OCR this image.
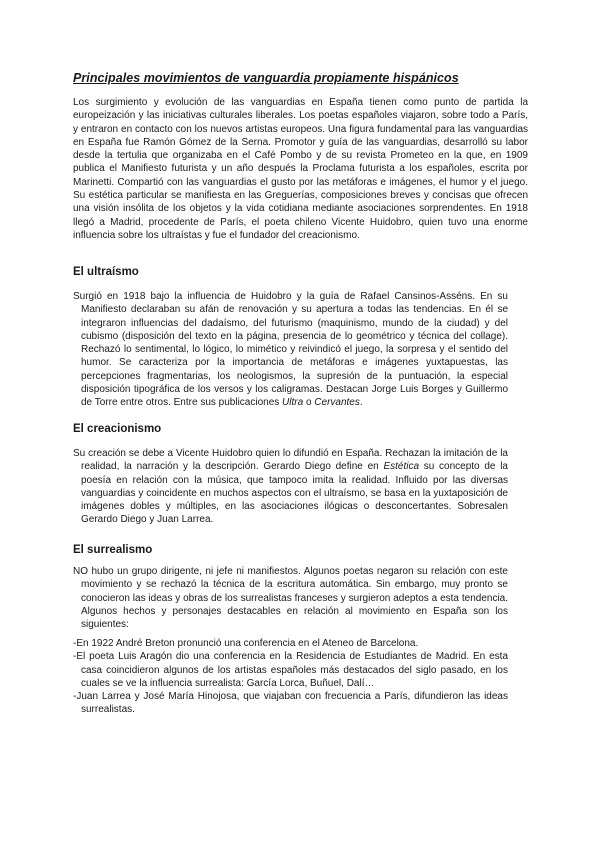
Principales movimientos de vanguardia propiamente hispánicos

Los surgimiento y evolución de las vanguardias en España tienen como punto de partida la europeización y las iniciativas culturales liberales. Los poetas españoles viajaron, sobre todo a París, y entraron en contacto con los nuevos artistas europeos. Una figura fundamental para las vanguardias en España fue Ramón Gómez de la Serna. Promotor y guía de las vanguardias, desarrolló su labor desde la tertulia que organizaba en el Café Pombo y de su revista Prometeo en la que, en 1909 publica el Manifiesto futurista y un año después la Proclama futurista a los españoles, escrita por Marinetti. Compartió con las vanguardias el gusto por las metáforas e imágenes, el humor y el juego. Su estética particular se manifiesta en las Greguerías, composiciones breves y concisas que ofrecen una visión insólita de los objetos y la vida cotidiana mediante asociaciones sorprendentes. En 1918 llegó a Madrid, procedente de París, el poeta chileno Vicente Huidobro, quien tuvo una enorme influencia sobre los ultraístas y fue el fundador del creacionismo.

El ultraísmo

Surgió en 1918 bajo la influencia de Huidobro y la guía de Rafael Cansinos-Asséns. En su Manifiesto declaraban su afán de renovación y su apertura a todas las tendencias. En él se integraron influencias del dadaísmo, del futurismo (maquinismo, mundo de la ciudad) y del cubismo (disposición del texto en la página, presencia de lo geométrico y técnica del collage). Rechazó lo sentimental, lo lógico, lo mimético y reivindicó el juego, la sorpresa y el sentido del humor. Se caracteriza por la importancia de metáforas e imágenes yuxtapuestas, las percepciones fragmentarias, los neologismos, la supresión de la puntuación, la especial disposición tipográfica de los versos y los caligramas. Destacan Jorge Luis Borges y Guillermo de Torre entre otros. Entre sus publicaciones Ultra o Cervantes.

El creacionismo

Su creación se debe a Vicente Huidobro quien lo difundió en España. Rechazan la imitación de la realidad, la narración y la descripción. Gerardo Diego define en Estética su concepto de la poesía en relación con la música, que tampoco imita la realidad. Influido por las diversas vanguardias y coincidente en muchos aspectos con el ultraísmo, se basa en la yuxtaposición de imágenes dobles y múltiples, en las asociaciones ilógicas o desconcertantes. Sobresalen Gerardo Diego y Juan Larrea.

El surrealismo

NO hubo un grupo dirigente, ni jefe ni manifiestos. Algunos poetas negaron su relación con este movimiento y se rechazó la técnica de la escritura automática. Sin embargo, muy pronto se conocieron las ideas y obras de los surrealistas franceses y surgieron adeptos a esta tendencia. Algunos hechos y personajes destacables en relación al movimiento en España son los siguientes:

-En 1922 André Breton pronunció una conferencia en el Ateneo de Barcelona.
-El poeta Luis Aragón dio una conferencia en la Residencia de Estudiantes de Madrid. En esta casa coincidieron algunos de los artistas españoles más destacados del siglo pasado, en los cuales se ve la influencia surrealista: García Lorca, Buñuel, Dalí…
-Juan Larrea y José María Hinojosa, que viajaban con frecuencia a París, difundieron las ideas surrealistas.
